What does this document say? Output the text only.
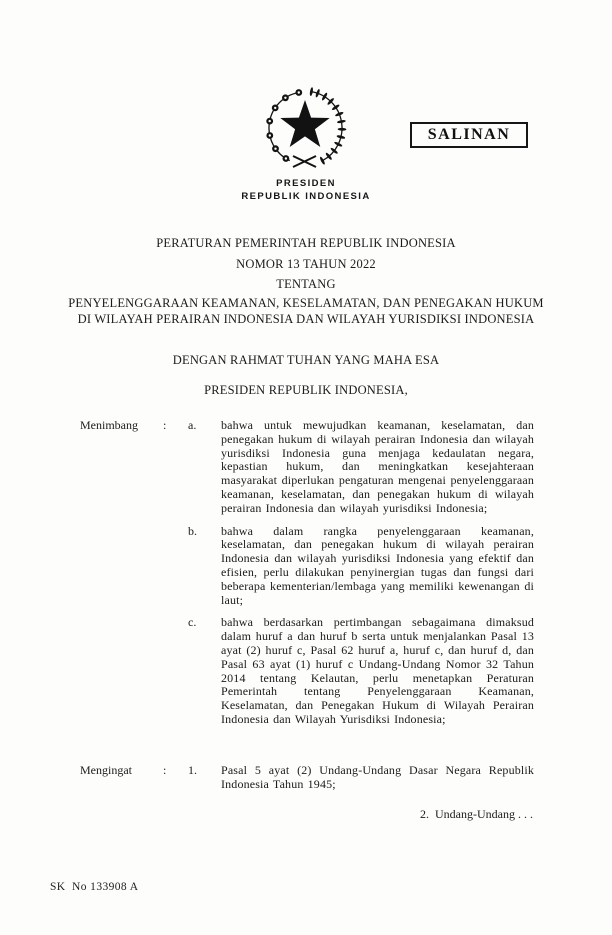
PRESIDEN
REPUBLIK INDONESIA
SALINAN
PERATURAN PEMERINTAH REPUBLIK INDONESIA
NOMOR 13 TAHUN 2022
TENTANG
PENYELENGGARAAN KEAMANAN, KESELAMATAN, DAN PENEGAKAN HUKUM DI WILAYAH PERAIRAN INDONESIA DAN WILAYAH YURISDIKSI INDONESIA
DENGAN RAHMAT TUHAN YANG MAHA ESA
PRESIDEN REPUBLIK INDONESIA,
Menimbang	:	a.	bahwa untuk mewujudkan keamanan, keselamatan, dan penegakan hukum di wilayah perairan Indonesia dan wilayah yurisdiksi Indonesia guna menjaga kedaulatan negara, kepastian hukum, dan meningkatkan kesejahteraan masyarakat diperlukan pengaturan mengenai penyelenggaraan keamanan, keselamatan, dan penegakan hukum di wilayah perairan Indonesia dan wilayah yurisdiksi Indonesia;
b.	bahwa dalam rangka penyelenggaraan keamanan, keselamatan, dan penegakan hukum di wilayah perairan Indonesia dan wilayah yurisdiksi Indonesia yang efektif dan efisien, perlu dilakukan penyinergian tugas dan fungsi dari beberapa kementerian/lembaga yang memiliki kewenangan di laut;
c.	bahwa berdasarkan pertimbangan sebagaimana dimaksud dalam huruf a dan huruf b serta untuk menjalankan Pasal 13 ayat (2) huruf c, Pasal 62 huruf a, huruf c, dan huruf d, dan Pasal 63 ayat (1) huruf c Undang-Undang Nomor 32 Tahun 2014 tentang Kelautan, perlu menetapkan Peraturan Pemerintah tentang Penyelenggaraan Keamanan, Keselamatan, dan Penegakan Hukum di Wilayah Perairan Indonesia dan Wilayah Yurisdiksi Indonesia;
Mengingat	:	1.	Pasal 5 ayat (2) Undang-Undang Dasar Negara Republik Indonesia Tahun 1945;
2.  Undang-Undang . . .
SK  No 133908 A
